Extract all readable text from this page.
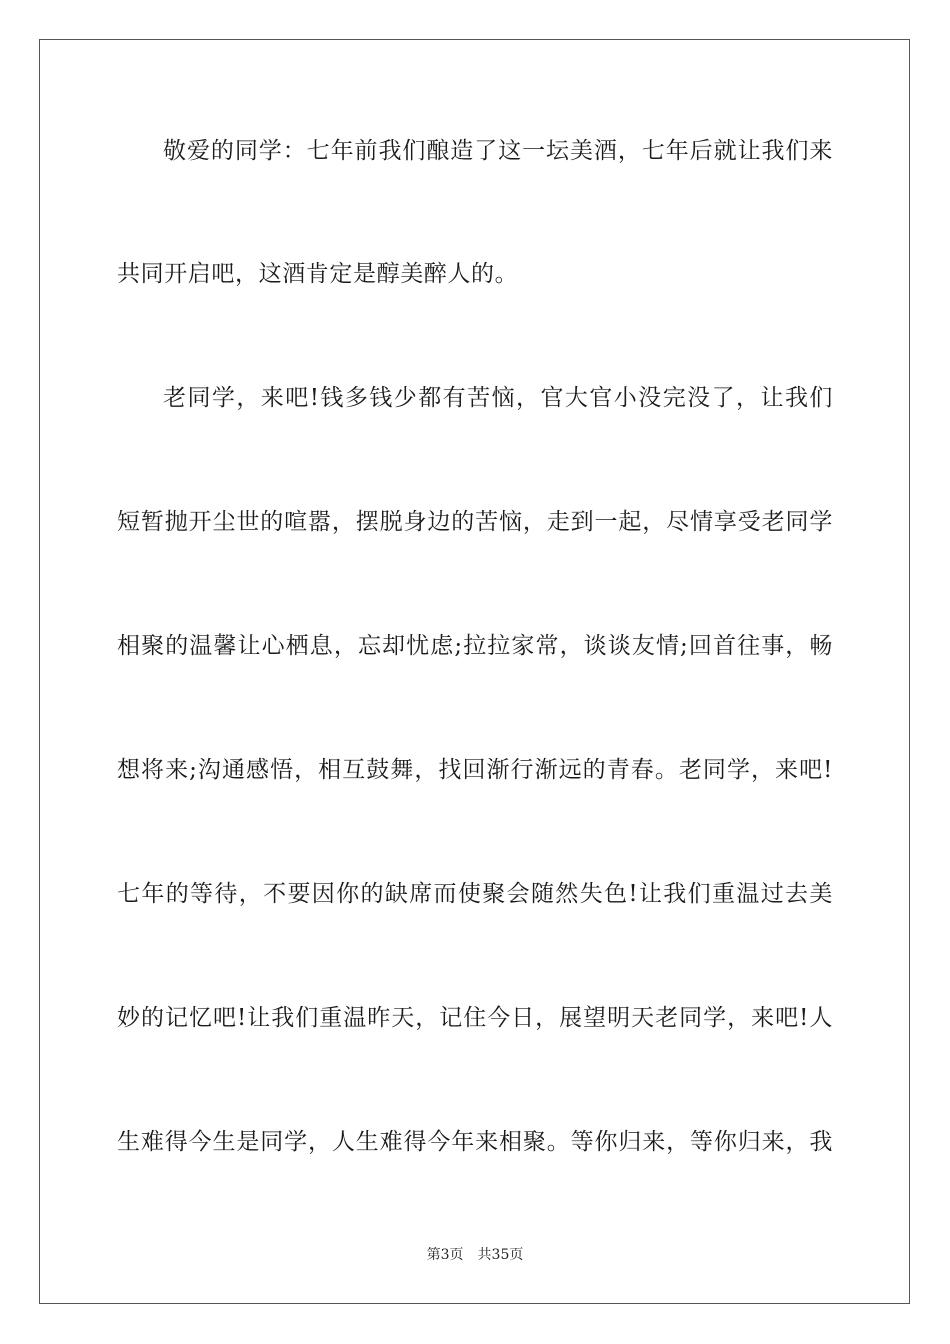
敬爱的同学：七年前我们酿造了这一坛美酒，七年后就让我们来
共同开启吧，这酒肯定是醇美醉人的。
老同学，来吧!钱多钱少都有苦恼，官大官小没完没了，让我们
短暂抛开尘世的喧嚣，摆脱身边的苦恼，走到一起，尽情享受老同学
相聚的温馨让心栖息，忘却忧虑;拉拉家常，谈谈友情;回首往事，畅
想将来;沟通感悟，相互鼓舞，找回渐行渐远的青春。老同学，来吧!
七年的等待，不要因你的缺席而使聚会随然失色!让我们重温过去美
妙的记忆吧!让我们重温昨天，记住今日，展望明天老同学，来吧!人
生难得今生是同学，人生难得今年来相聚。等你归来，等你归来，我
第3页 共35页
